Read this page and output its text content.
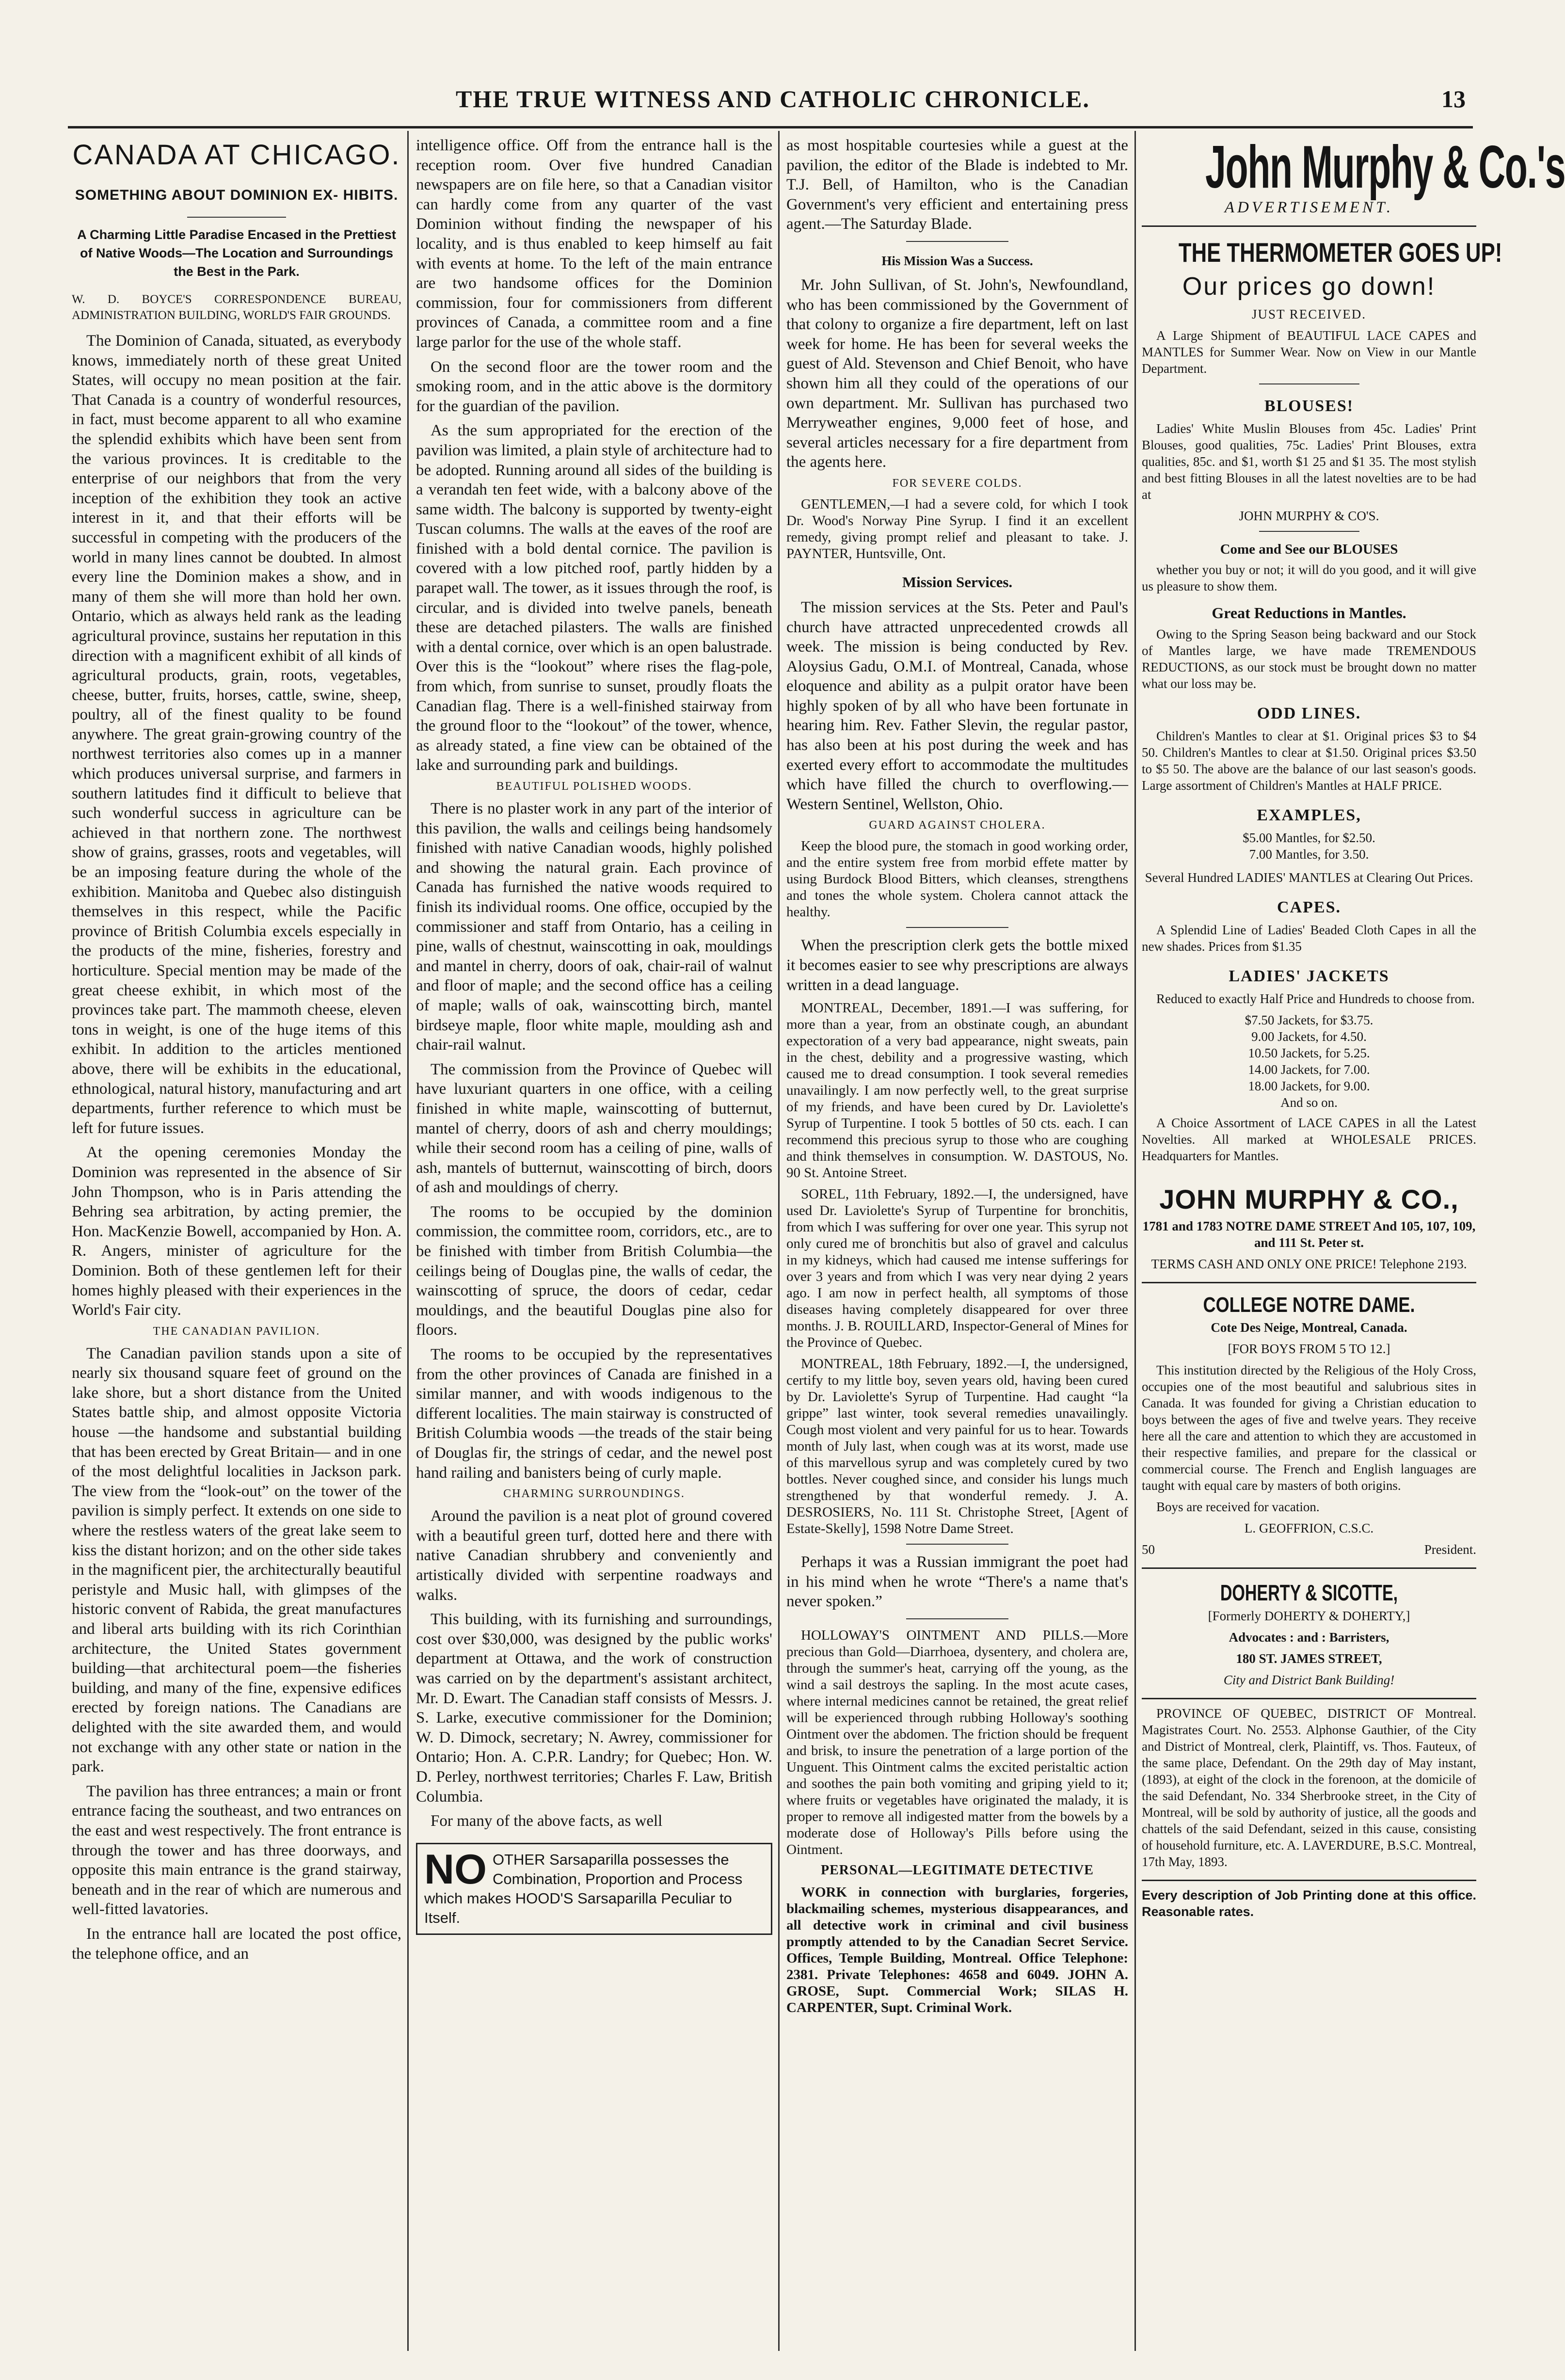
THE TRUE WITNESS AND CATHOLIC CHRONICLE.	13
CANADA AT CHICAGO.
SOMETHING ABOUT DOMINION EX- HIBITS.
A Charming Little Paradise Encased in the Prettiest of Native Woods—The Location and Surroundings the Best in the Park.

W. D. BOYCE'S CORRESPONDENCE BUREAU, ADMINISTRATION BUILDING, WORLD'S FAIR GROUNDS.

The Dominion of Canada, situated, as everybody knows, immediately north of these great United States, will occupy no mean position at the fair. That Canada is a country of wonderful resources, in fact, must become apparent to all who examine the splendid exhibits which have been sent from the various provinces. It is creditable to the enterprise of our neighbors that from the very inception of the exhibition they took an active interest in it, and that their efforts will be successful in competing with the producers of the world in many lines cannot be doubted. In almost every line the Dominion makes a show, and in many of them she will more than hold her own. Ontario, which as always held rank as the leading agricultural province, sustains her reputation in this direction with a magnificent exhibit of all kinds of agricultural products, grain, roots, vegetables, cheese, butter, fruits, horses, cattle, swine, sheep, poultry, all of the finest quality to be found anywhere. The great grain-growing country of the northwest territories also comes up in a manner which produces universal surprise, and farmers in southern latitudes find it difficult to believe that such wonderful success in agriculture can be achieved in that northern zone. The northwest show of grains, grasses, roots and vegetables, will be an imposing feature during the whole of the exhibition. Manitoba and Quebec also distinguish themselves in this respect, while the Pacific province of British Columbia excels especially in the products of the mine, fisheries, forestry and horticulture. Special mention may be made of the great cheese exhibit, in which most of the provinces take part. The mammoth cheese, eleven tons in weight, is one of the huge items of this exhibit. In addition to the articles mentioned above, there will be exhibits in the educational, ethnological, natural history, manufacturing and art departments, further reference to which must be left for future issues.

At the opening ceremonies Monday the Dominion was represented in the absence of Sir John Thompson, who is in Paris attending the Behring sea arbitration, by acting premier, the Hon. MacKenzie Bowell, accompanied by Hon. A. R. Angers, minister of agriculture for the Dominion. Both of these gentlemen left for their homes highly pleased with their experiences in the World's Fair city.

THE CANADIAN PAVILION.

The Canadian pavilion stands upon a site of nearly six thousand square feet of ground on the lake shore, but a short distance from the United States battle ship, and almost opposite Victoria house —the handsome and substantial building that has been erected by Great Britain— and in one of the most delightful localities in Jackson park. The view from the “look-out” on the tower of the pavilion is simply perfect. It extends on one side to where the restless waters of the great lake seem to kiss the distant horizon; and on the other side takes in the magnificent pier, the architecturally beautiful peristyle and Music hall, with glimpses of the historic convent of Rabida, the great manufactures and liberal arts building with its rich Corinthian architecture, the United States government building—that architectural poem—the fisheries building, and many of the fine, expensive edifices erected by foreign nations. The Canadians are delighted with the site awarded them, and would not exchange with any other state or nation in the park.

The pavilion has three entrances; a main or front entrance facing the southeast, and two entrances on the east and west respectively. The front entrance is through the tower and has three doorways, and opposite this main entrance is the grand stairway, beneath and in the rear of which are numerous and well-fitted lavatories.

In the entrance hall are located the post office, the telephone office, and an

intelligence office. Off from the entrance hall is the reception room. Over five hundred Canadian newspapers are on file here, so that a Canadian visitor can hardly come from any quarter of the vast Dominion without finding the newspaper of his locality, and is thus enabled to keep himself au fait with events at home. To the left of the main entrance are two handsome offices for the Dominion commission, four for commissioners from different provinces of Canada, a committee room and a fine large parlor for the use of the whole staff.

On the second floor are the tower room and the smoking room, and in the attic above is the dormitory for the guardian of the pavilion.

As the sum appropriated for the erection of the pavilion was limited, a plain style of architecture had to be adopted. Running around all sides of the building is a verandah ten feet wide, with a balcony above of the same width. The balcony is supported by twenty-eight Tuscan columns. The walls at the eaves of the roof are finished with a bold dental cornice. The pavilion is covered with a low pitched roof, partly hidden by a parapet wall. The tower, as it issues through the roof, is circular, and is divided into twelve panels, beneath these are detached pilasters. The walls are finished with a dental cornice, over which is an open balustrade. Over this is the “lookout” where rises the flag-pole, from which, from sunrise to sunset, proudly floats the Canadian flag. There is a well-finished stairway from the ground floor to the “lookout” of the tower, whence, as already stated, a fine view can be obtained of the lake and surrounding park and buildings.

BEAUTIFUL POLISHED WOODS.

There is no plaster work in any part of the interior of this pavilion, the walls and ceilings being handsomely finished with native Canadian woods, highly polished and showing the natural grain. Each province of Canada has furnished the native woods required to finish its individual rooms. One office, occupied by the commissioner and staff from Ontario, has a ceiling in pine, walls of chestnut, wainscotting in oak, mouldings and mantel in cherry, doors of oak, chair-rail of walnut and floor of maple; and the second office has a ceiling of maple; walls of oak, wainscotting birch, mantel birdseye maple, floor white maple, moulding ash and chair-rail walnut.

The commission from the Province of Quebec will have luxuriant quarters in one office, with a ceiling finished in white maple, wainscotting of butternut, mantel of cherry, doors of ash and cherry mouldings; while their second room has a ceiling of pine, walls of ash, mantels of butternut, wainscotting of birch, doors of ash and mouldings of cherry.

The rooms to be occupied by the dominion commission, the committee room, corridors, etc., are to be finished with timber from British Columbia—the ceilings being of Douglas pine, the walls of cedar, the wainscotting of spruce, the doors of cedar, cedar mouldings, and the beautiful Douglas pine also for floors.

The rooms to be occupied by the representatives from the other provinces of Canada are finished in a similar manner, and with woods indigenous to the different localities. The main stairway is constructed of British Columbia woods —the treads of the stair being of Douglas fir, the strings of cedar, and the newel post hand railing and banisters being of curly maple.

CHARMING SURROUNDINGS.

Around the pavilion is a neat plot of ground covered with a beautiful green turf, dotted here and there with native Canadian shrubbery and conveniently and artistically divided with serpentine roadways and walks.

This building, with its furnishing and surroundings, cost over $30,000, was designed by the public works' department at Ottawa, and the work of construction was carried on by the department's assistant architect, Mr. D. Ewart. The Canadian staff consists of Messrs. J. S. Larke, executive commissioner for the Dominion; W. D. Dimock, secretary; N. Awrey, commissioner for Ontario; Hon. A. C.P.R. Landry; for Quebec; Hon. W. D. Perley, northwest territories; Charles F. Law, British Columbia.

For many of the above facts, as well

NO OTHER Sarsaparilla possesses the Combination, Proportion and Process which makes HOOD'S Sarsaparilla Peculiar to Itself.

as most hospitable courtesies while a guest at the pavilion, the editor of the Blade is indebted to Mr. T.J. Bell, of Hamilton, who is the Canadian Government's very efficient and entertaining press agent.—The Saturday Blade.

His Mission Was a Success.

Mr. John Sullivan, of St. John's, Newfoundland, who has been commissioned by the Government of that colony to organize a fire department, left on last week for home. He has been for several weeks the guest of Ald. Stevenson and Chief Benoit, who have shown him all they could of the operations of our own department. Mr. Sullivan has purchased two Merryweather engines, 9,000 feet of hose, and several articles necessary for a fire department from the agents here.

FOR SEVERE COLDS.

GENTLEMEN,—I had a severe cold, for which I took Dr. Wood's Norway Pine Syrup. I find it an excellent remedy, giving prompt relief and pleasant to take. J. PAYNTER, Huntsville, Ont.

Mission Services.

The mission services at the Sts. Peter and Paul's church have attracted unprecedented crowds all week. The mission is being conducted by Rev. Aloysius Gadu, O.M.I. of Montreal, Canada, whose eloquence and ability as a pulpit orator have been highly spoken of by all who have been fortunate in hearing him. Rev. Father Slevin, the regular pastor, has also been at his post during the week and has exerted every effort to accommodate the multitudes which have filled the church to overflowing.—Western Sentinel, Wellston, Ohio.

GUARD AGAINST CHOLERA.

Keep the blood pure, the stomach in good working order, and the entire system free from morbid effete matter by using Burdock Blood Bitters, which cleanses, strengthens and tones the whole system. Cholera cannot attack the healthy.

When the prescription clerk gets the bottle mixed it becomes easier to see why prescriptions are always written in a dead language.

MONTREAL, December, 1891.—I was suffering, for more than a year, from an obstinate cough, an abundant expectoration of a very bad appearance, night sweats, pain in the chest, debility and a progressive wasting, which caused me to dread consumption. I took several remedies unavailingly. I am now perfectly well, to the great surprise of my friends, and have been cured by Dr. Laviolette's Syrup of Turpentine. I took 5 bottles of 50 cts. each. I can recommend this precious syrup to those who are coughing and think themselves in consumption. W. DASTOUS, No. 90 St. Antoine Street.

SOREL, 11th February, 1892.—I, the undersigned, have used Dr. Laviolette's Syrup of Turpentine for bronchitis, from which I was suffering for over one year. This syrup not only cured me of bronchitis but also of gravel and calculus in my kidneys, which had caused me intense sufferings for over 3 years and from which I was very near dying 2 years ago. I am now in perfect health, all symptoms of those diseases having completely disappeared for over three months. J. B. ROUILLARD, Inspector-General of Mines for the Province of Quebec.

MONTREAL, 18th February, 1892.—I, the undersigned, certify to my little boy, seven years old, having been cured by Dr. Laviolette's Syrup of Turpentine. Had caught “la grippe” last winter, took several remedies unavailingly. Cough most violent and very painful for us to hear. Towards month of July last, when cough was at its worst, made use of this marvellous syrup and was completely cured by two bottles. Never coughed since, and consider his lungs much strengthened by that wonderful remedy. J. A. DESROSIERS, No. 111 St. Christophe Street, [Agent of Estate-Skelly], 1598 Notre Dame Street.

Perhaps it was a Russian immigrant the poet had in his mind when he wrote “There's a name that's never spoken.”

HOLLOWAY'S OINTMENT AND PILLS.—More precious than Gold—Diarrhoea, dysentery, and cholera are, through the summer's heat, carrying off the young, as the wind a sail destroys the sapling. In the most acute cases, where internal medicines cannot be retained, the great relief will be experienced through rubbing Holloway's soothing Ointment over the abdomen. The friction should be frequent and brisk, to insure the penetration of a large portion of the Unguent. This Ointment calms the excited peristaltic action and soothes the pain both vomiting and griping yield to it; where fruits or vegetables have originated the malady, it is proper to remove all indigested matter from the bowels by a moderate dose of Holloway's Pills before using the Ointment.

PERSONAL—LEGITIMATE DETECTIVE

WORK in connection with burglaries, forgeries, blackmailing schemes, mysterious disappearances, and all detective work in criminal and civil business promptly attended to by the Canadian Secret Service. Offices, Temple Building, Montreal. Office Telephone: 2381. Private Telephones: 4658 and 6049. JOHN A. GROSE, Supt. Commercial Work; SILAS H. CARPENTER, Supt. Criminal Work.

John Murphy & Co.'s
ADVERTISEMENT.
THE THERMOMETER GOES UP!
Our prices go down!

JUST RECEIVED.

A Large Shipment of BEAUTIFUL LACE CAPES and MANTLES for Summer Wear. Now on View in our Mantle Department.

BLOUSES!

Ladies' White Muslin Blouses from 45c. Ladies' Print Blouses, good qualities, 75c. Ladies' Print Blouses, extra qualities, 85c. and $1, worth $1 25 and $1 35. The most stylish and best fitting Blouses in all the latest novelties are to be had at

JOHN MURPHY & CO'S.

Come and See our BLOUSES

whether you buy or not; it will do you good, and it will give us pleasure to show them.

Great Reductions in Mantles.

Owing to the Spring Season being backward and our Stock of Mantles large, we have made TREMENDOUS REDUCTIONS, as our stock must be brought down no matter what our loss may be.

ODD LINES.

Children's Mantles to clear at $1. Original prices $3 to $4 50. Children's Mantles to clear at $1.50. Original prices $3.50 to $5 50. The above are the balance of our last season's goods. Large assortment of Children's Mantles at HALF PRICE.

EXAMPLES,

$5.00 Mantles, for $2.50.

7.00 Mantles, for 3.50.

Several Hundred LADIES' MANTLES at Clearing Out Prices.

CAPES.

A Splendid Line of Ladies' Beaded Cloth Capes in all the new shades. Prices from $1.35

LADIES' JACKETS

Reduced to exactly Half Price and Hundreds to choose from.

$7.50 Jackets, for $3.75.

9.00 Jackets, for 4.50.

10.50 Jackets, for 5.25.

14.00 Jackets, for 7.00.

18.00 Jackets, for 9.00.

And so on.

A Choice Assortment of LACE CAPES in all the Latest Novelties. All marked at WHOLESALE PRICES. Headquarters for Mantles.

JOHN MURPHY & CO.,

1781 and 1783 NOTRE DAME STREET And 105, 107, 109, and 111 St. Peter st.

TERMS CASH AND ONLY ONE PRICE! Telephone 2193.

COLLEGE NOTRE DAME.

Cote Des Neige, Montreal, Canada.

[FOR BOYS FROM 5 TO 12.]

This institution directed by the Religious of the Holy Cross, occupies one of the most beautiful and salubrious sites in Canada. It was founded for giving a Christian education to boys between the ages of five and twelve years. They receive here all the care and attention to which they are accustomed in their respective families, and prepare for the classical or commercial course. The French and English languages are taught with equal care by masters of both origins.

Boys are received for vacation.

L. GEOFFRION, C.S.C.

50	President.

DOHERTY & SICOTTE,

[Formerly DOHERTY & DOHERTY,]

Advocates : and : Barristers,

180 ST. JAMES STREET,

City and District Bank Building!

PROVINCE OF QUEBEC, DISTRICT OF Montreal. Magistrates Court. No. 2553. Alphonse Gauthier, of the City and District of Montreal, clerk, Plaintiff, vs. Thos. Fauteux, of the same place, Defendant. On the 29th day of May instant, (1893), at eight of the clock in the forenoon, at the domicile of the said Defendant, No. 334 Sherbrooke street, in the City of Montreal, will be sold by authority of justice, all the goods and chattels of the said Defendant, seized in this cause, consisting of household furniture, etc. A. LAVERDURE, B.S.C. Montreal, 17th May, 1893.

Every description of Job Printing done at this office. Reasonable rates.
